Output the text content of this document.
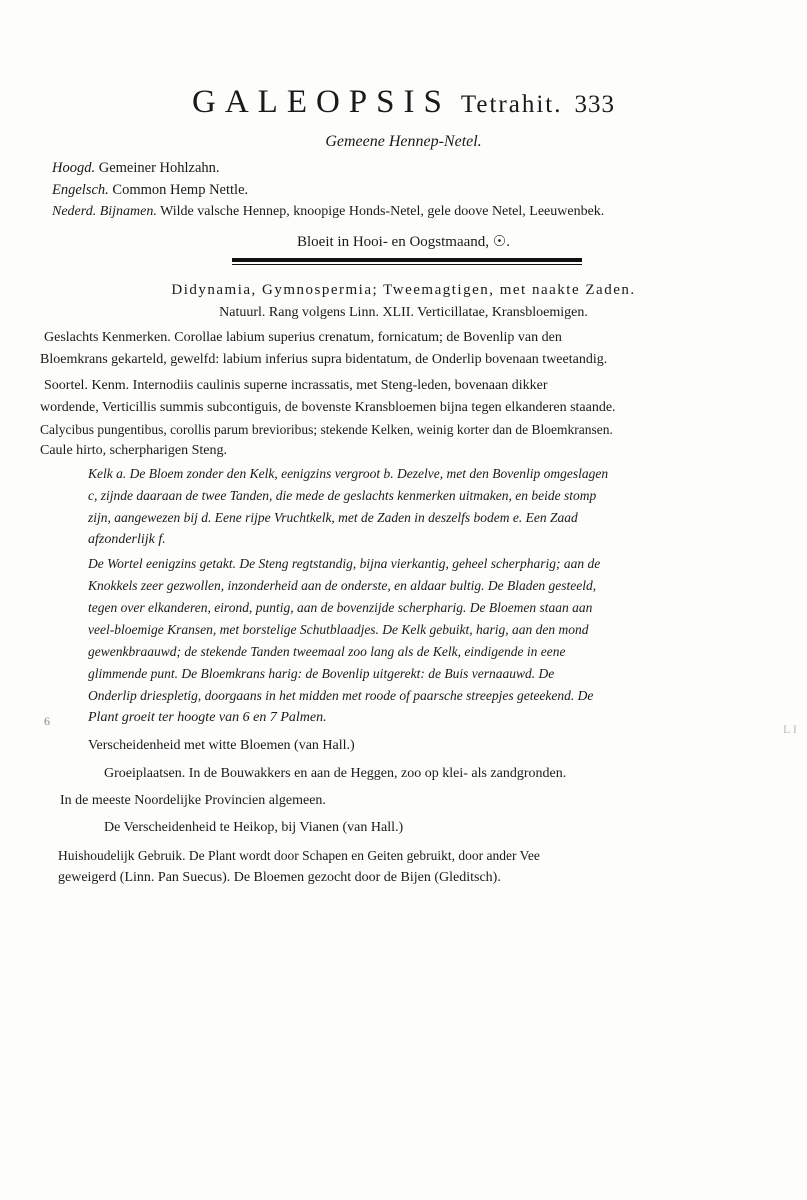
GALEOPSIS Tetrahit. 333
Gemeene Hennep-Netel.
Hoogd. Gemeiner Hohlzahn.
Engelsch. Common Hemp Nettle.
Nederd. Bijnamen. Wilde valsche Hennep, knoopige Honds-Netel, gele doove Netel, Leeuwenbek.
Bloeit in Hooi- en Oogstmaand, ☉.
Didynamia, Gymnospermia; Tweemagtigen, met naakte Zaden.
Natuurl. Rang volgens Linn. XLII. Verticillatae, Kransbloemigen.
Geslachts Kenmerken. Corollae labium superius crenatum, fornicatum; de Bovenlip van den
Bloemkrans gekarteld, gewelfd: labium inferius supra bidentatum, de Onderlip bovenaan tweetandig.
Soortel. Kenm. Internodiis caulinis superne incrassatis, met Steng-leden, bovenaan dikker
wordende, Verticillis summis subcontiguis, de bovenste Kransbloemen bijna tegen elkanderen staande.
Calycibus pungentibus, corollis parum brevioribus; stekende Kelken, weinig korter dan de Bloemkransen.
Caule hirto, scherpharigen Steng.
Kelk a. De Bloem zonder den Kelk, eenigzins vergroot b. Dezelve, met den Bovenlip omgeslagen
c, zijnde daaraan de twee Tanden, die mede de geslachts kenmerken uitmaken, en beide stomp
zijn, aangewezen bij d. Eene rijpe Vruchtkelk, met de Zaden in deszelfs bodem e. Een Zaad
afzonderlijk f.
De Wortel eenigzins getakt. De Steng regtstandig, bijna vierkantig, geheel scherpharig; aan de
Knokkels zeer gezwollen, inzonderheid aan de onderste, en aldaar bultig. De Bladen gesteeld,
tegen over elkanderen, eirond, puntig, aan de bovenzijde scherpharig. De Bloemen staan aan
veel-bloemige Kransen, met borstelige Schutblaadjes. De Kelk gebuikt, harig, aan den mond
gewenkbraauwd; de stekende Tanden tweemaal zoo lang als de Kelk, eindigende in eene
glimmende punt. De Bloemkrans harig: de Bovenlip uitgerekt: de Buis vernaauwd. De
Onderlip driespletig, doorgaans in het midden met roode of paarsche streepjes geteekend. De
Plant groeit ter hoogte van 6 en 7 Palmen.
6
Verscheidenheid met witte Bloemen (van Hall.)
Groeiplaatsen. In de Bouwakkers en aan de Heggen, zoo op klei- als zandgronden.
In de meeste Noordelijke Provincien algemeen.
De Verscheidenheid te Heikop, bij Vianen (van Hall.)
Huishoudelijk Gebruik. De Plant wordt door Schapen en Geiten gebruikt, door ander Vee
geweigerd (Linn. Pan Suecus). De Bloemen gezocht door de Bijen (Gleditsch).
L I
